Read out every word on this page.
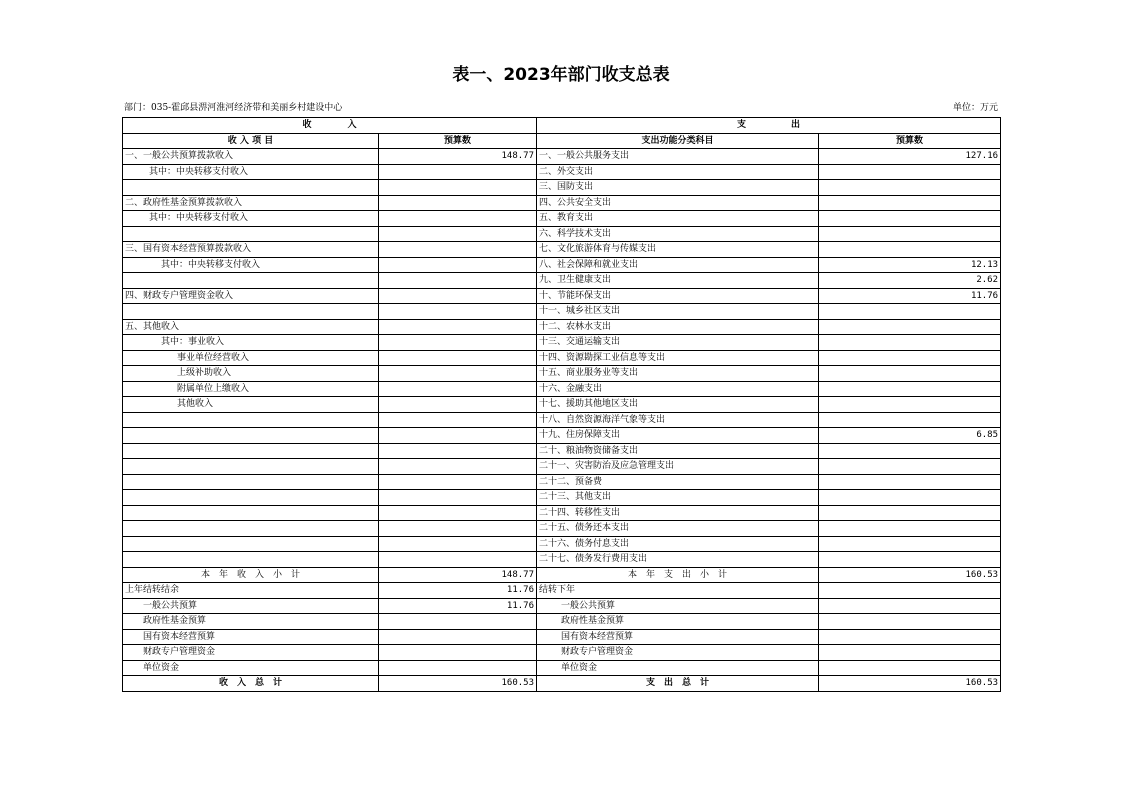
表一、2023年部门收支总表
部门：035-霍邱县淠河淮河经济带和美丽乡村建设中心	单位：万元
收　　　　入		支　　　　　出	
收 入 项 目	预算数	支出功能分类科目	预算数
一、一般公共预算拨款收入	148.77	一、一般公共服务支出	127.16
其中：中央转移支付收入		二、外交支出	
		三、国防支出	
二、政府性基金预算拨款收入		四、公共安全支出	
其中：中央转移支付收入		五、教育支出	
		六、科学技术支出	
三、国有资本经营预算拨款收入		七、文化旅游体育与传媒支出	
其中：中央转移支付收入		八、社会保障和就业支出	12.13
		九、卫生健康支出	2.62
四、财政专户管理资金收入		十、节能环保支出	11.76
		十一、城乡社区支出	
五、其他收入		十二、农林水支出	
其中：事业收入		十三、交通运输支出	
事业单位经营收入		十四、资源勘探工业信息等支出	
上级补助收入		十五、商业服务业等支出	
附属单位上缴收入		十六、金融支出	
其他收入		十七、援助其他地区支出	
		十八、自然资源海洋气象等支出	
		十九、住房保障支出	6.85
		二十、粮油物资储备支出	
		二十一、灾害防治及应急管理支出	
		二十二、预备费	
		二十三、其他支出	
		二十四、转移性支出	
		二十五、债务还本支出	
		二十六、债务付息支出	
		二十七、债务发行费用支出	
本　年　收　入　小　计	148.77	本　年　支　出　小　计	160.53
上年结转结余	11.76	结转下年	
一般公共预算	11.76	一般公共预算	
政府性基金预算		政府性基金预算	
国有资本经营预算		国有资本经营预算	
财政专户管理资金		财政专户管理资金	
单位资金		单位资金	
收　入　总　计	160.53	支　出　总　计	160.53
